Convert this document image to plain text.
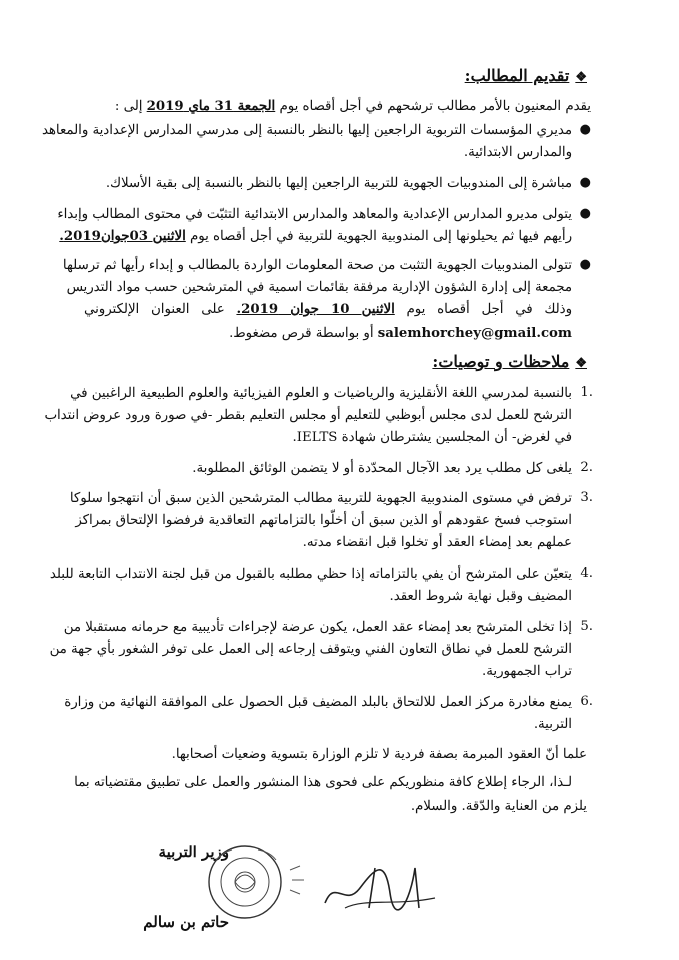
❖تقديم المطالب:
يقدم المعنيون بالأمر مطالب ترشحهم في أجل أقصاه يوم الجمعة 31 ماي 2019 إلى :
●
مديري المؤسسات التربوية الراجعين إليها بالنظر بالنسبة إلى مدرسي المدارس الإعدادية والمعاهد
والمدارس الابتدائية.
●
مباشرة إلى المندوبيات الجهوية للتربية الراجعين إليها بالنظر بالنسبة إلى بقية الأسلاك.
●
يتولى مديرو المدارس الإعدادية والمعاهد والمدارس الابتدائية التثبّت في محتوى المطالب وإبداء
رأيهم فيها ثم يحيلونها إلى المندوبية الجهوية للتربية في أجل أقصاه يوم الاثنين 03جوان2019.
●
تتولى المندوبيات الجهوية التثبت من صحة المعلومات الواردة بالمطالب و إبداء رأيها ثم ترسلها
مجمعة إلى إدارة الشؤون الإدارية مرفقة بقائمات اسمية في المترشحين حسب مواد التدريس
وذلك في أجل أقصاه يوم الاثنين 10 جوان 2019. على العنوان الإلكتروني
salemhorchey@gmail.com أو بواسطة قرص مضغوط.
❖ملاحظات و توصيات:
1.
بالنسبة لمدرسي اللغة الأنقليزية والرياضيات و العلوم الفيزيائية والعلوم الطبيعية الراغبين في
الترشح للعمل لدى مجلس أبوظبي للتعليم أو مجلس التعليم بقطر -في صورة ورود عروض انتداب
في لغرض- أن المجلسين يشترطان شهادة IELTS.
2.
يلغى كل مطلب يرد بعد الآجال المحدّدة أو لا يتضمن الوثائق المطلوبة.
3.
ترفض في مستوى المندوبية الجهوية للتربية مطالب المترشحين الذين سبق أن انتهجوا سلوكا
استوجب فسخ عقودهم أو الذين سبق أن أخلّوا بالتزاماتهم التعاقدية فرفضوا الإلتحاق بمراكز
عملهم بعد إمضاء العقد أو تخلوا قبل انقضاء مدته.
4.
يتعيّن على المترشح أن يفي بالتزاماته إذا حظي مطلبه بالقبول من قبل لجنة الانتداب التابعة للبلد
المضيف وقبل نهاية شروط العقد.
5.
إذا تخلى المترشح بعد إمضاء عقد العمل، يكون عرضة لإجراءات تأديبية مع حرمانه مستقبلا من
الترشح للعمل في نطاق التعاون الفني ويتوقف إرجاعه إلى العمل على توفر الشغور بأي جهة من
تراب الجمهورية.
6.
يمنع مغادرة مركز العمل للالتحاق بالبلد المضيف قبل الحصول على الموافقة النهائية من وزارة
التربية.
علما أنّ العقود المبرمة بصفة فردية لا تلزم الوزارة بتسوية وضعيات أصحابها.
لـذا، الرجاء إطلاع كافة منظوريكم على فحوى هذا المنشور والعمل على تطبيق مقتضياته بما
يلزم من العناية والدّقة. والسلام.
وزير التربية
حاتم بن سالم
